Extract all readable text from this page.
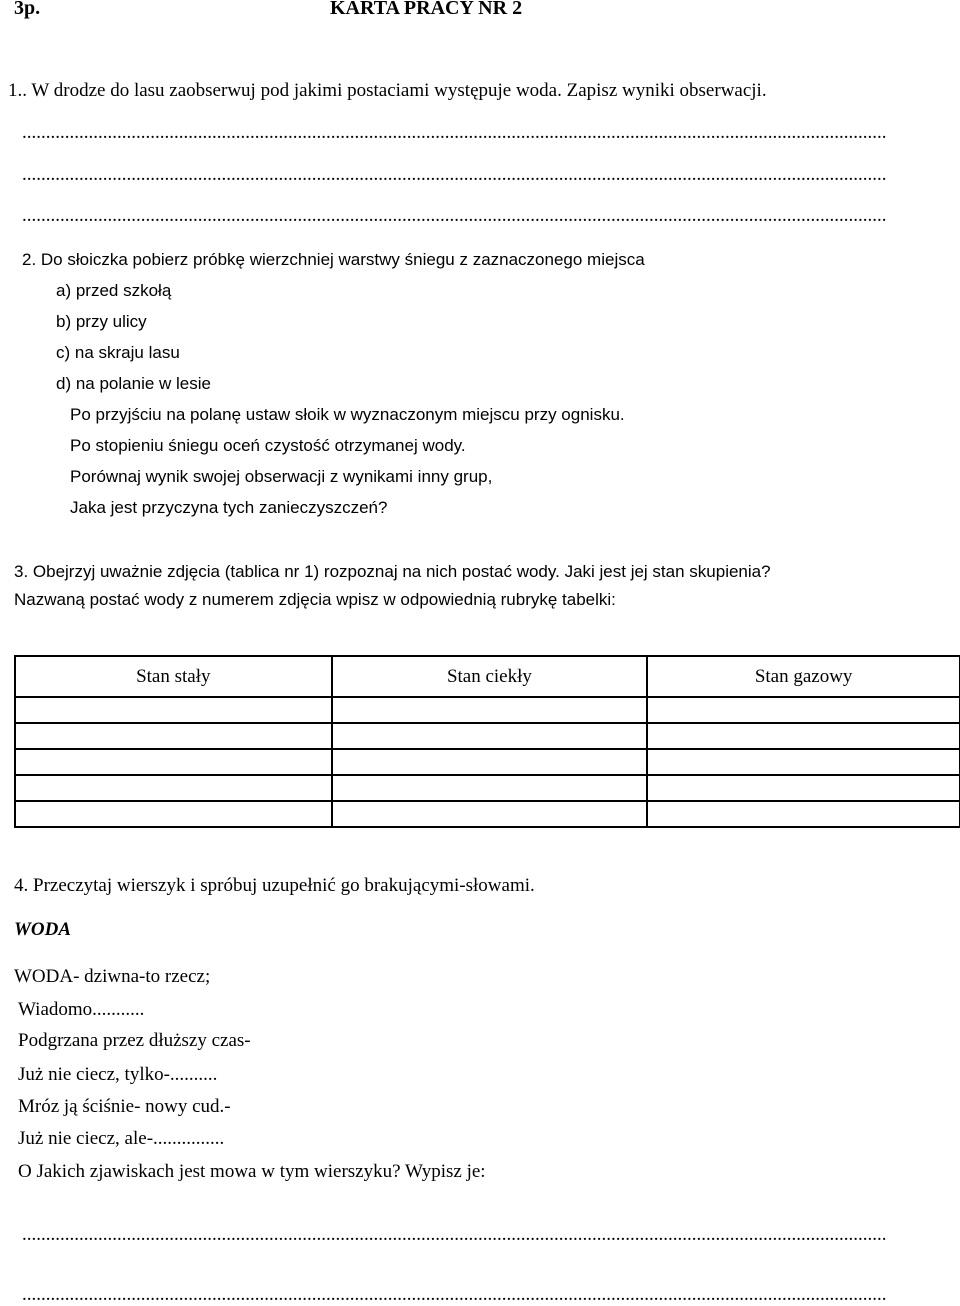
3p.	KARTA PRACY NR 2
1.. W drodze do lasu zaobserwuj pod jakimi postaciami występuje woda. Zapisz wyniki obserwacji.
......................................................................................................................................................................................
......................................................................................................................................................................................
......................................................................................................................................................................................
2. Do słoiczka pobierz próbkę wierzchniej warstwy śniegu z zaznaczonego miejsca
a) przed szkołą
b) przy ulicy
c) na skraju lasu
d) na polanie w lesie
Po przyjściu na polanę ustaw słoik w wyznaczonym miejscu przy ognisku.
Po stopieniu śniegu oceń czystość otrzymanej wody.
Porównaj wynik swojej obserwacji z wynikami inny grup,
Jaka jest przyczyna tych zanieczyszczeń?
3. Obejrzyj uważnie zdjęcia (tablica nr 1) rozpoznaj na nich postać wody. Jaki jest jej stan skupienia?
Nazwaną postać wody z numerem zdjęcia wpisz w odpowiednią rubrykę tabelki:
Stan stały	Stan ciekły	Stan gazowy

4. Przeczytaj wierszyk i spróbuj uzupełnić go brakującymi-słowami.
WODA
WODA- dziwna-to rzecz;
Wiadomo...........
Podgrzana przez dłuższy czas-
Już nie ciecz, tylko-..........
Mróz ją ściśnie- nowy cud.-
Już nie ciecz, ale-...............
O Jakich zjawiskach jest mowa w tym wierszyku? Wypisz je:
......................................................................................................................................................................................
......................................................................................................................................................................................
